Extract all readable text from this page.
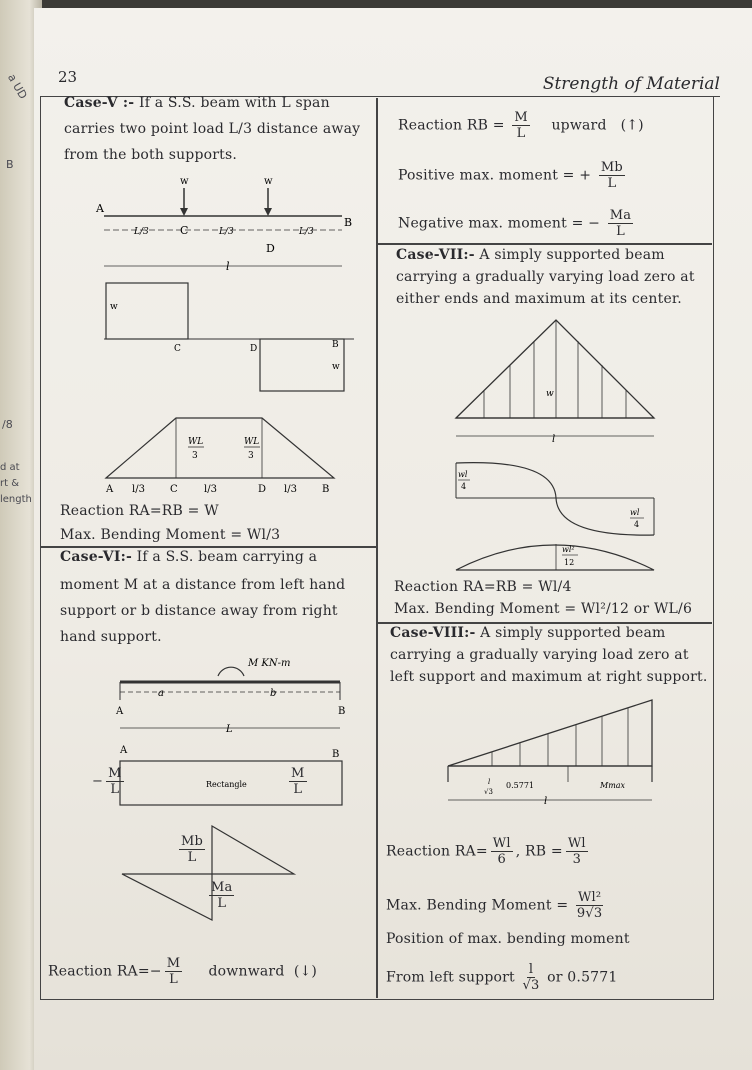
a UD
B
/8
d at
rt &
length
23	Strength of Material
Case-V :- If a S.S. beam with L span
carries two point load L/3 distance away
from the both supports.
w	w
A
B
C
D
L/3	L/3	L/3
l
w
C	D
w
B
WL
3
WL
3
A l/3	C	l/3	D l/3	B
Reaction RA=RB = W
Max. Bending Moment = Wl/3
Reaction RB = $\frac{M}{L}$ upward (↑)
Positive max. moment = + $\frac{Mb}{L}$
Negative max. moment = − $\frac{Ma}{L}$
Case-VII:- A simply supported beam
carrying a gradually varying load zero at
either ends and maximum at its center.
w
l
wl
4
wl
4
wl²
12
Reaction RA=RB = Wl/4
Max. Bending Moment = Wl²/12 or WL/6
Case-VI:- If a S.S. beam carrying a
moment M at a distance from left hand
support or b distance away from right
hand support.
M KN-m
a	b
A	B
L
A	B
Rectangle
− $\frac{M}{L}$	$\frac{M}{L}$
$\frac{Mb}{L}$
$\frac{Ma}{L}$
Reaction $RA=- \frac{M}{L}$ downward (↓)
Case-VIII:- A simply supported beam
carrying a gradually varying load zero at
left support and maximum at right support.
0.5771	Mmax
l
√3
l
Reaction $RA= \frac{Wl}{6}$ , RB = $\frac{Wl}{3}$
Max. Bending Moment = $\frac{\text{Wl²}}{9√3}$
Position of max. bending moment
From left support $\frac{l}{√3}$ or 0.5771
